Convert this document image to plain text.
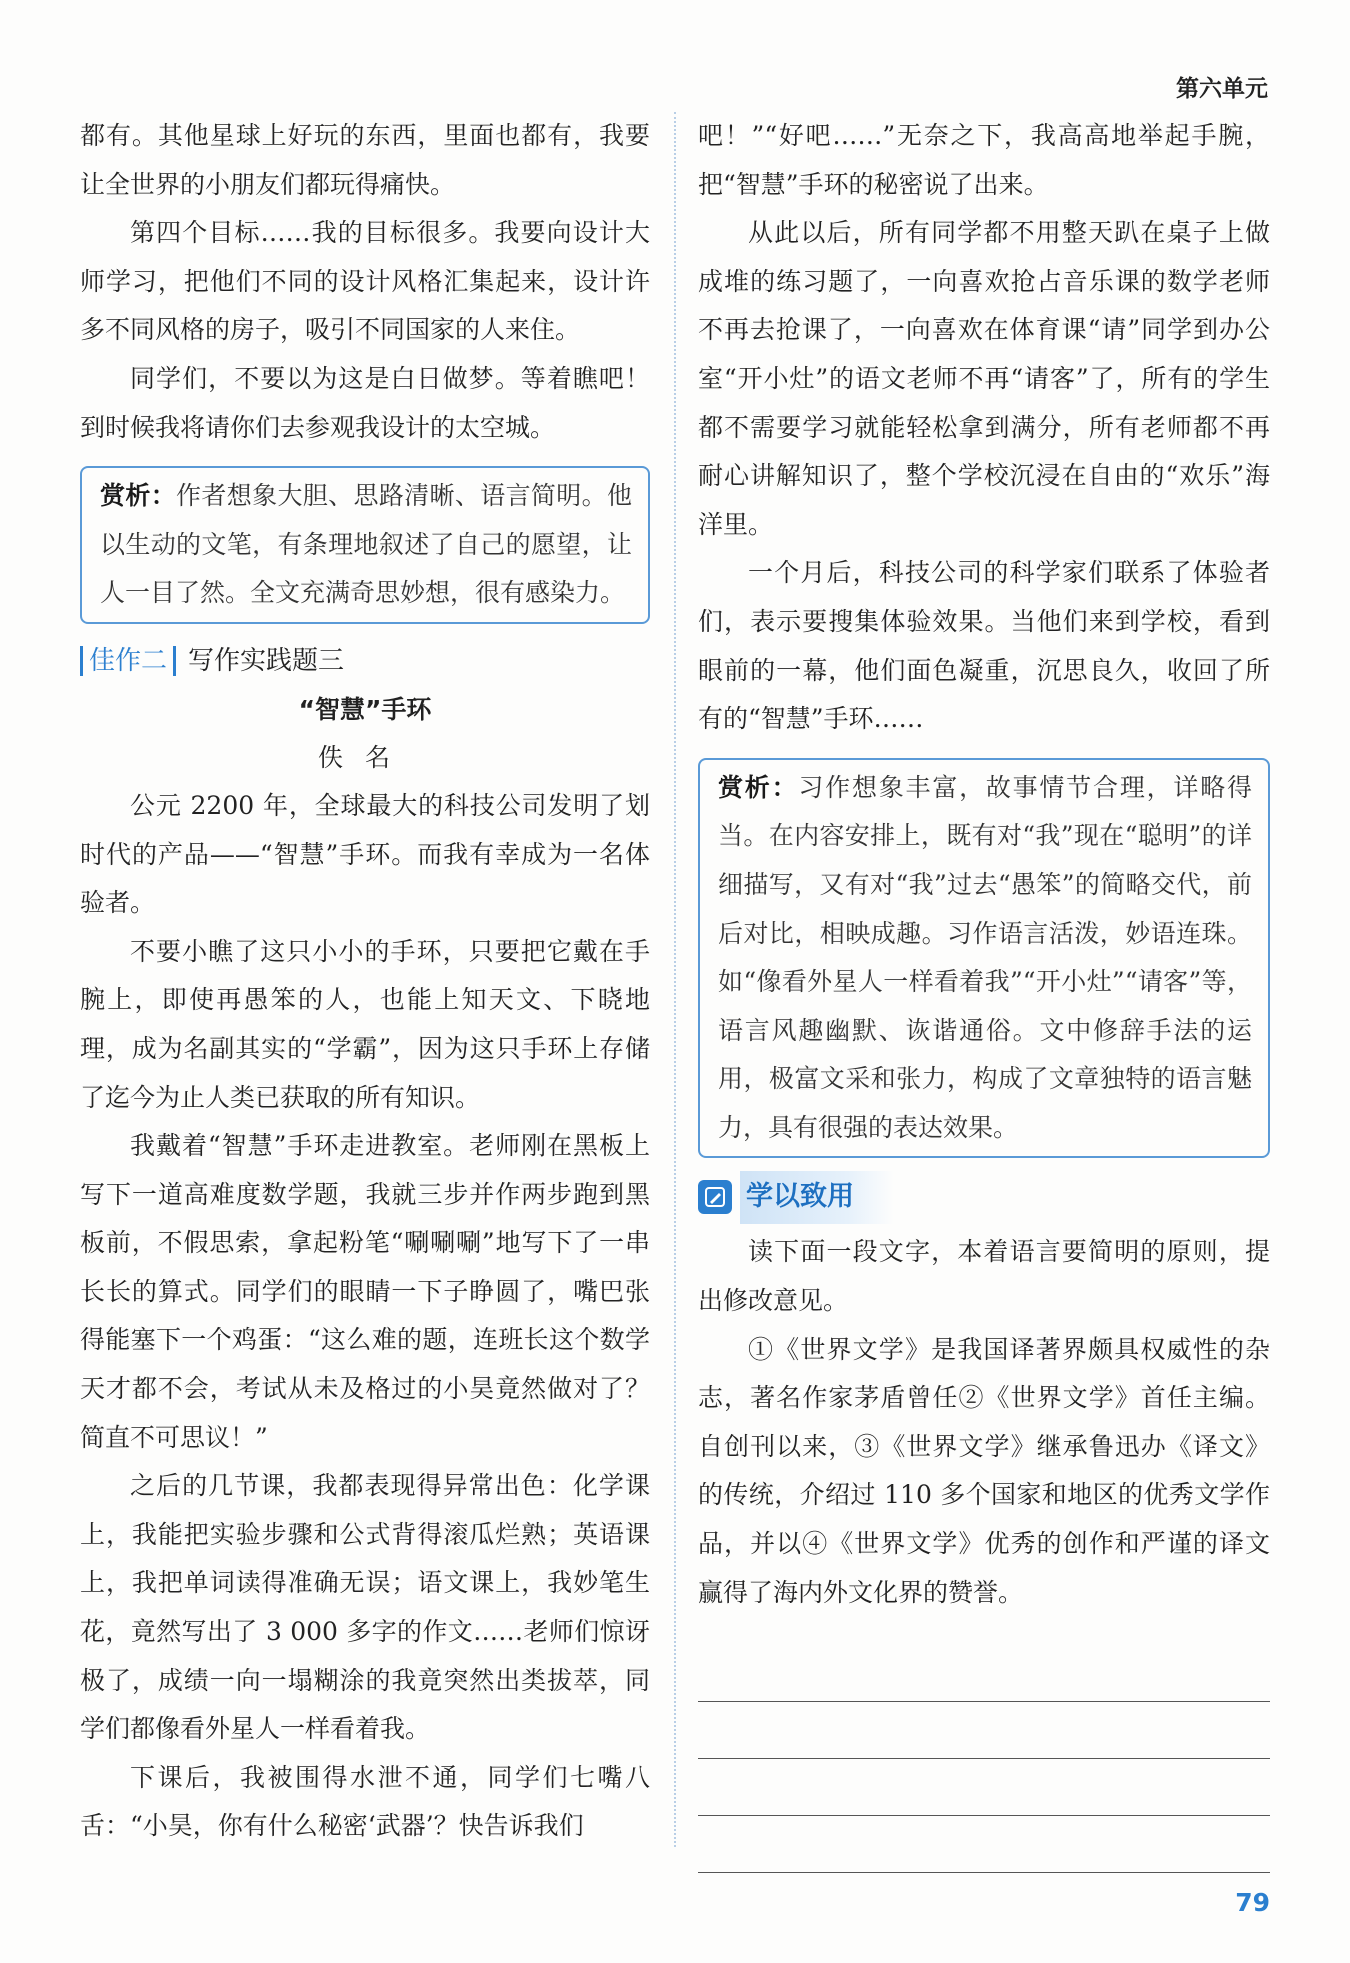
第六单元

都有。其他星球上好玩的东西，里面也都有，我要让全世界的小朋友们都玩得痛快。

第四个目标……我的目标很多。我要向设计大师学习，把他们不同的设计风格汇集起来，设计许多不同风格的房子，吸引不同国家的人来住。

同学们，不要以为这是白日做梦。等着瞧吧！到时候我将请你们去参观我设计的太空城。

赏析：作者想象大胆、思路清晰、语言简明。他以生动的文笔，有条理地叙述了自己的愿望，让人一目了然。全文充满奇思妙想，很有感染力。
佳作二 写作实践题三
“智慧”手环
佚名

公元 2200 年，全球最大的科技公司发明了划时代的产品——“智慧”手环。而我有幸成为一名体验者。

不要小瞧了这只小小的手环，只要把它戴在手腕上，即使再愚笨的人，也能上知天文、下晓地理，成为名副其实的“学霸”，因为这只手环上存储了迄今为止人类已获取的所有知识。

我戴着“智慧”手环走进教室。老师刚在黑板上写下一道高难度数学题，我就三步并作两步跑到黑板前，不假思索，拿起粉笔“唰唰唰”地写下了一串长长的算式。同学们的眼睛一下子睁圆了，嘴巴张得能塞下一个鸡蛋：“这么难的题，连班长这个数学天才都不会，考试从未及格过的小昊竟然做对了？简直不可思议！”

之后的几节课，我都表现得异常出色：化学课上，我能把实验步骤和公式背得滚瓜烂熟；英语课上，我把单词读得准确无误；语文课上，我妙笔生花，竟然写出了 3 000 多字的作文……老师们惊讶极了，成绩一向一塌糊涂的我竟突然出类拔萃，同学们都像看外星人一样看着我。

下课后，我被围得水泄不通，同学们七嘴八舌：“小昊，你有什么秘密‘武器’？快告诉我们

吧！”“好吧……”无奈之下，我高高地举起手腕，把“智慧”手环的秘密说了出来。

从此以后，所有同学都不用整天趴在桌子上做成堆的练习题了，一向喜欢抢占音乐课的数学老师不再去抢课了，一向喜欢在体育课“请”同学到办公室“开小灶”的语文老师不再“请客”了，所有的学生都不需要学习就能轻松拿到满分，所有老师都不再耐心讲解知识了，整个学校沉浸在自由的“欢乐”海洋里。

一个月后，科技公司的科学家们联系了体验者们，表示要搜集体验效果。当他们来到学校，看到眼前的一幕，他们面色凝重，沉思良久，收回了所有的“智慧”手环……

赏析：习作想象丰富，故事情节合理，详略得当。在内容安排上，既有对“我”现在“聪明”的详细描写，又有对“我”过去“愚笨”的简略交代，前后对比，相映成趣。习作语言活泼，妙语连珠。如“像看外星人一样看着我”“开小灶”“请客”等，语言风趣幽默、诙谐通俗。文中修辞手法的运用，极富文采和张力，构成了文章独特的语言魅力，具有很强的表达效果。
学以致用

读下面一段文字，本着语言要简明的原则，提出修改意见。

①《世界文学》是我国译著界颇具权威性的杂志，著名作家茅盾曾任②《世界文学》首任主编。自创刊以来，③《世界文学》继承鲁迅办《译文》的传统，介绍过 110 多个国家和地区的优秀文学作品，并以④《世界文学》优秀的创作和严谨的译文赢得了海内外文化界的赞誉。

79
